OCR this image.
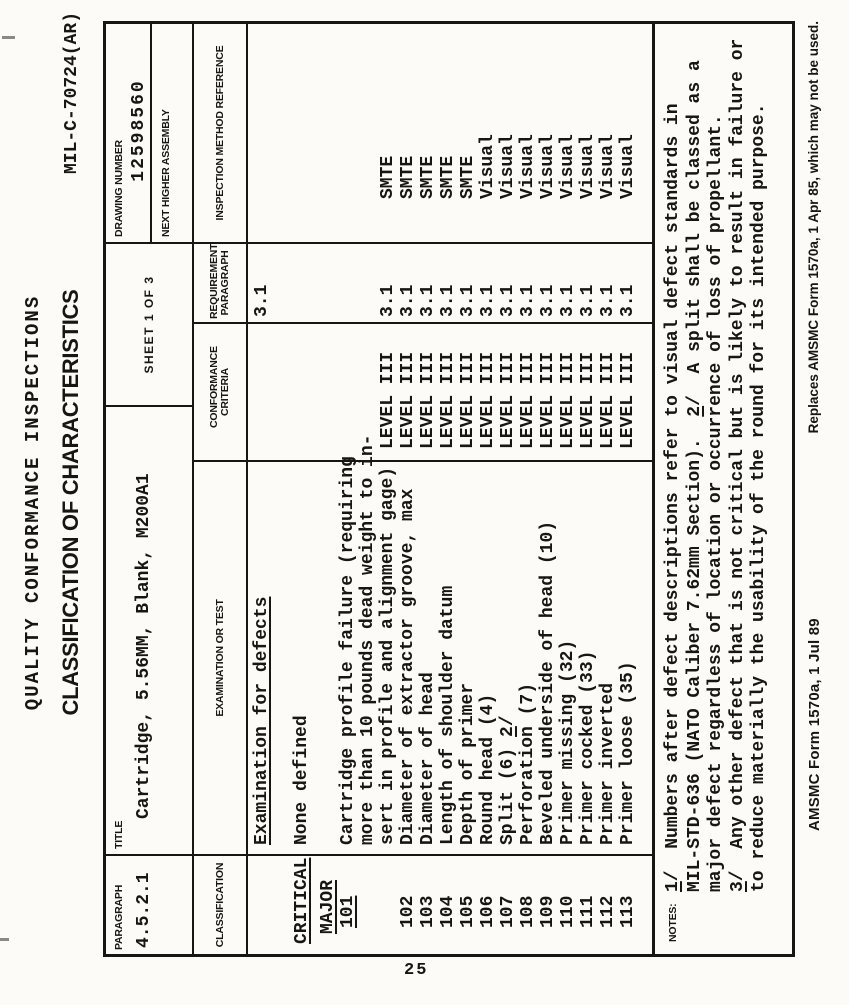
QUALITY CONFORMANCE INSPECTIONS CLASSIFICATION OF CHARACTERISTICS
MIL-C-70724(AR)
PARAGRAPH 4.5.2.1
TITLE
Cartridge, 5.56MM, Blank, M200A1
SHEET 1 OF 3
DRAWING NUMBER
12598560	NEXT HIGHER ASSEMBLY
CLASSIFICATION
EXAMINATION OR TEST
CONFORMANCE CRITERIA
REQUIREMENT PARAGRAPH
INSPECTION METHOD REFERENCE
Examination for defects
3.1
CRITICAL
None defined
MAJOR 101
Cartridge profile failure (requiring more than 10 pounds dead weight to in- sert in profile and alignment gage)
LEVEL III
3.1
SMTE
102
Diameter of extractor groove, max
LEVEL III
3.1
SMTE
103
Diameter of head
LEVEL III
3.1
SMTE
104
Length of shoulder datum
LEVEL III
3.1
SMTE
105
Depth of primer
LEVEL III
3.1
SMTE
106
Round head (4)
LEVEL III
3.1
Visual
107
Split (6) 2/
LEVEL III
3.1
Visual
108
Perforation (7)
LEVEL III
3.1
Visual
109
Beveled underside of head (10)
LEVEL III
3.1
Visual
110
Primer missing (32)
LEVEL III
3.1
Visual
111
Primer cocked (33)
LEVEL III
3.1
Visual
112
Primer inverted
LEVEL III
3.1
Visual
113
Primer loose (35)
LEVEL III
3.1
Visual
NOTES:
1/  Numbers after defect descriptions refer to visual defect standards in MIL-STD-636 (NATO Caliber 7.62mm Section).  2/  A split shall be classed as a major defect regardless of location or occurrence of loss of propellant. 3/  Any other defect that is not critical but is likely to result in failure or to reduce materially the usability of the round for its intended purpose. AMSMC Form 1570a, 1 Jul 89
Replaces AMSMC Form 1570a, 1 Apr 85, which may not be used.
25
